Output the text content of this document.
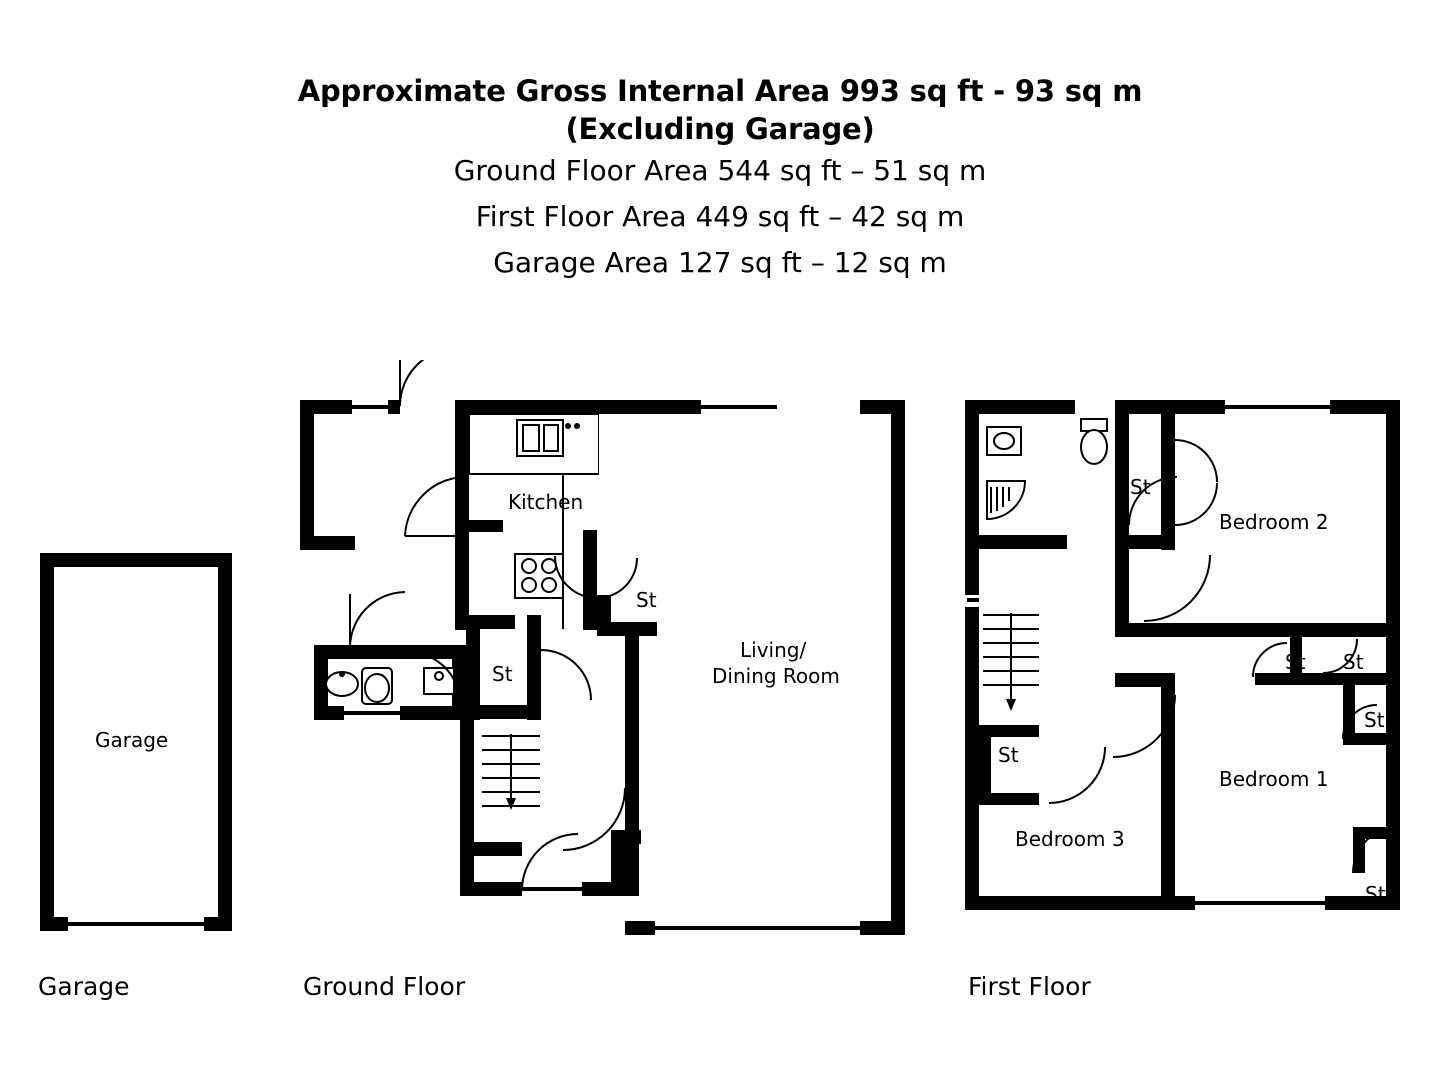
Approximate Gross Internal Area 993 sq ft - 93 sq m
(Excluding Garage)
Ground Floor Area 544 sq ft – 51 sq m
First Floor Area 449 sq ft – 42 sq m
Garage Area 127 sq ft – 12 sq m
Garage
Kitchen
St
St
Living/
Dining Room
St
Bedroom 2
St St
St
Bedroom 1
St
Bedroom 3
St
Garage	Ground Floor	First Floor
